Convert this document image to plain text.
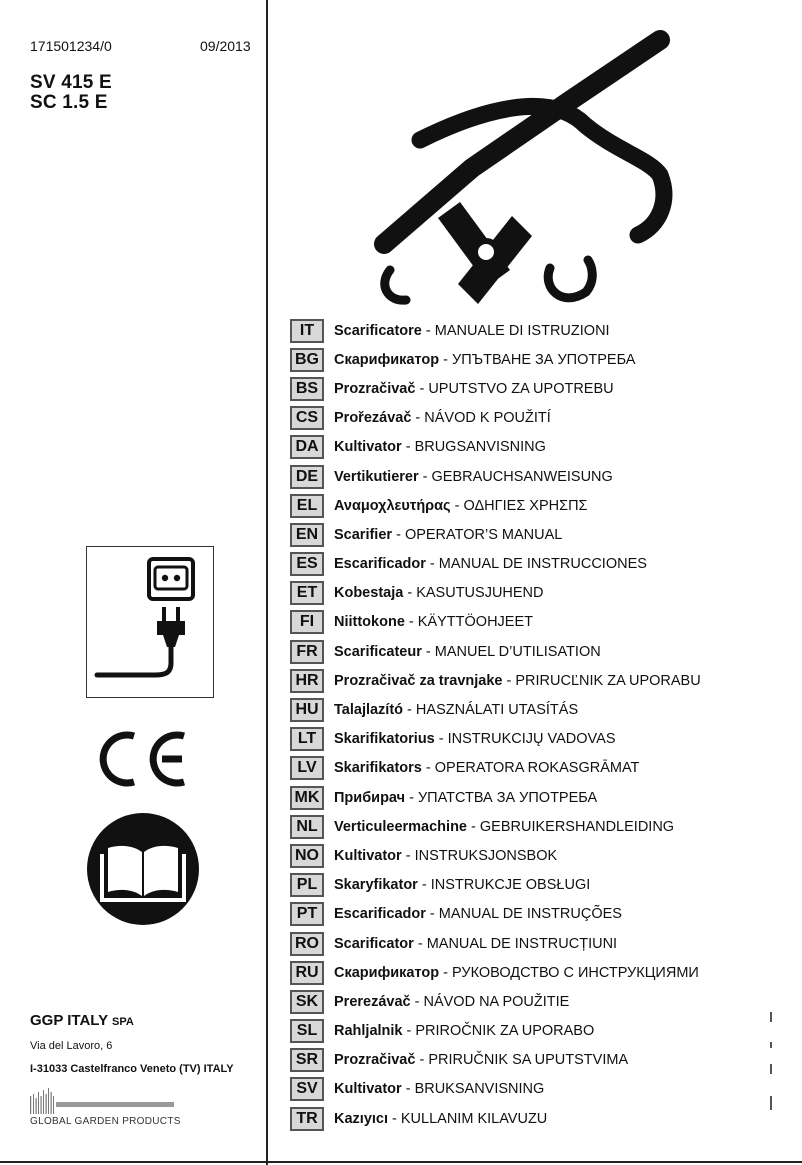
171501234/0	09/2013
SV 415 E
SC 1.5 E
IT	Scarificatore - MANUALE DI ISTRUZIONI
BG	Скарификатор - УПЪТВАНЕ ЗА УПОТРЕБА
BS	Prozračivač - UPUTSTVO ZA UPOTREBU
CS	Prořezávač - NÁVOD K POUŽITÍ
DA	Kultivator - BRUGSANVISNING
DE	Vertikutierer - GEBRAUCHSANWEISUNG
EL	Αναμοχλευτήρας - ΟΔΗΓΙΕΣ ΧΡΗΣΠΣ
EN	Scarifier - OPERATOR’S MANUAL
ES	Escarificador - MANUAL DE INSTRUCCIONES
ET	Kobestaja - KASUTUSJUHEND
FI	Niittokone - KÄYTTÖOHJEET
FR	Scarificateur - MANUEL D’UTILISATION
HR	Prozračivač za travnjake - PRIRUCĽNIK ZA UPORABU
HU	Talajlazító - HASZNÁLATI UTASÍTÁS
LT	Skarifikatorius - INSTRUKCIJŲ VADOVAS
LV	Skarifikators - OPERATORA ROKASGRĀMAT
MK	Прибирач - УПАТСТВА ЗА УПОТРЕБА
NL	Verticuleermachine - GEBRUIKERSHANDLEIDING
NO	Kultivator - INSTRUKSJONSBOK
PL	Skaryfikator - INSTRUKCJE OBSŁUGI
PT	Escarificador - MANUAL DE INSTRUÇÕES
RO	Scarificator - MANUAL DE INSTRUCȚIUNI
RU	Скарификатор - РУКОВОДСТВО С ИНСТРУКЦИЯМИ
SK	Prerezávač - NÁVOD NA POUŽITIE
SL	Rahljalnik - PRIROČNIK ZA UPORABO
SR	Prozračivač - PRIRUČNIK SA UPUTSTVIMA
SV	Kultivator - BRUKSANVISNING
TR	Kazıyıcı - KULLANIM KILAVUZU
GGP ITALY SPA
Via del Lavoro, 6
I-31033 Castelfranco Veneto (TV) ITALY
GLOBAL GARDEN PRODUCTS
